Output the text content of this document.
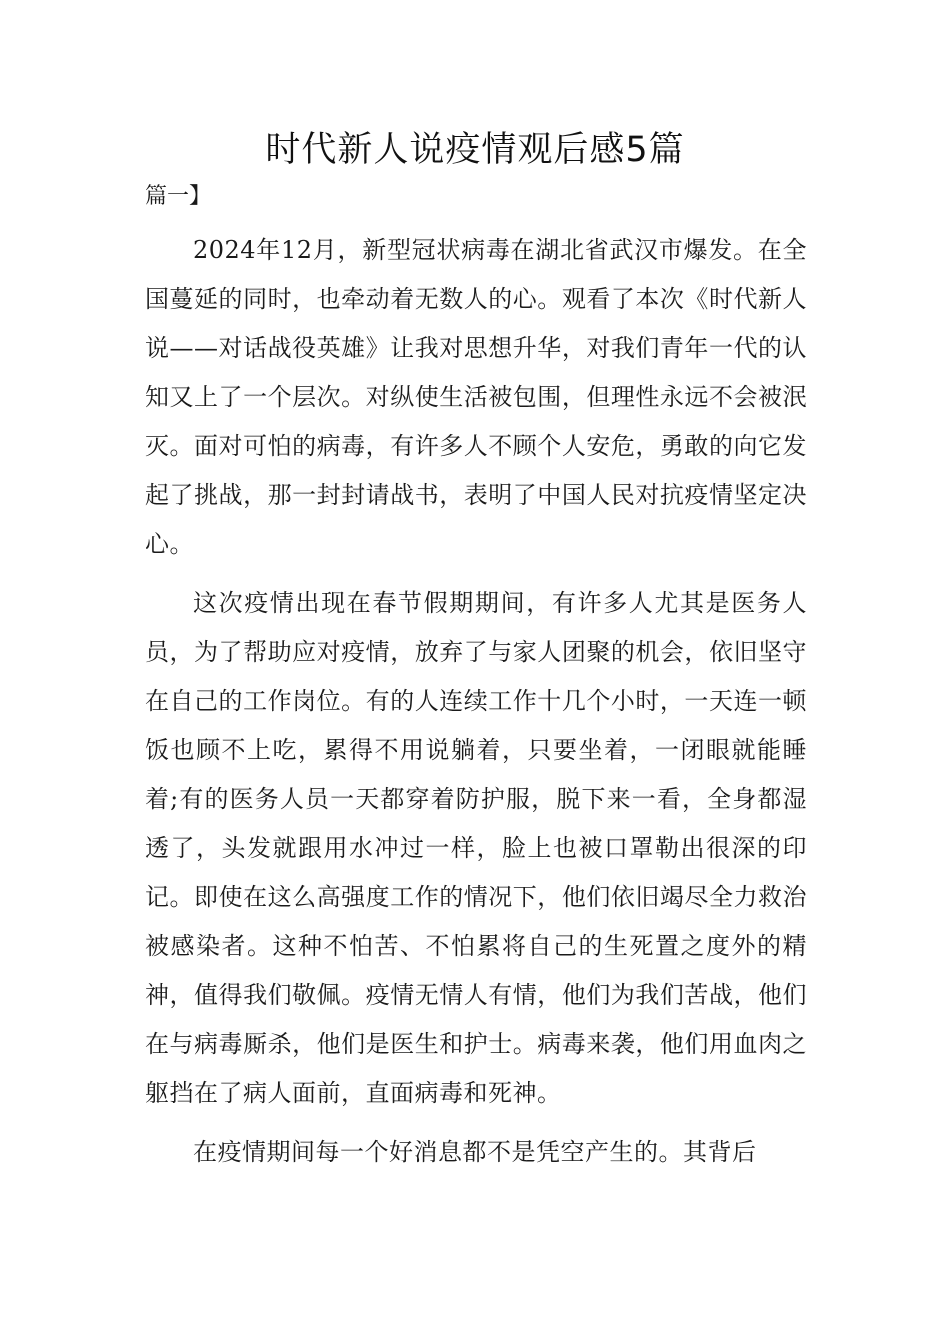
时代新人说疫情观后感5篇

篇一】

2024年12月，新型冠状病毒在湖北省武汉市爆发。在全国蔓延的同时，也牵动着无数人的心。观看了本次《时代新人说——对话战役英雄》让我对思想升华，对我们青年一代的认知又上了一个层次。对纵使生活被包围，但理性永远不会被泯灭。面对可怕的病毒，有许多人不顾个人安危，勇敢的向它发起了挑战，那一封封请战书，表明了中国人民对抗疫情坚定决心。

这次疫情出现在春节假期期间，有许多人尤其是医务人员，为了帮助应对疫情，放弃了与家人团聚的机会，依旧坚守在自己的工作岗位。有的人连续工作十几个小时，一天连一顿饭也顾不上吃，累得不用说躺着，只要坐着，一闭眼就能睡着;有的医务人员一天都穿着防护服，脱下来一看，全身都湿透了，头发就跟用水冲过一样，脸上也被口罩勒出很深的印记。即使在这么高强度工作的情况下，他们依旧竭尽全力救治被感染者。这种不怕苦、不怕累将自己的生死置之度外的精神，值得我们敬佩。疫情无情人有情，他们为我们苦战，他们在与病毒厮杀，他们是医生和护士。病毒来袭，他们用血肉之躯挡在了病人面前，直面病毒和死神。

在疫情期间每一个好消息都不是凭空产生的。其背后
